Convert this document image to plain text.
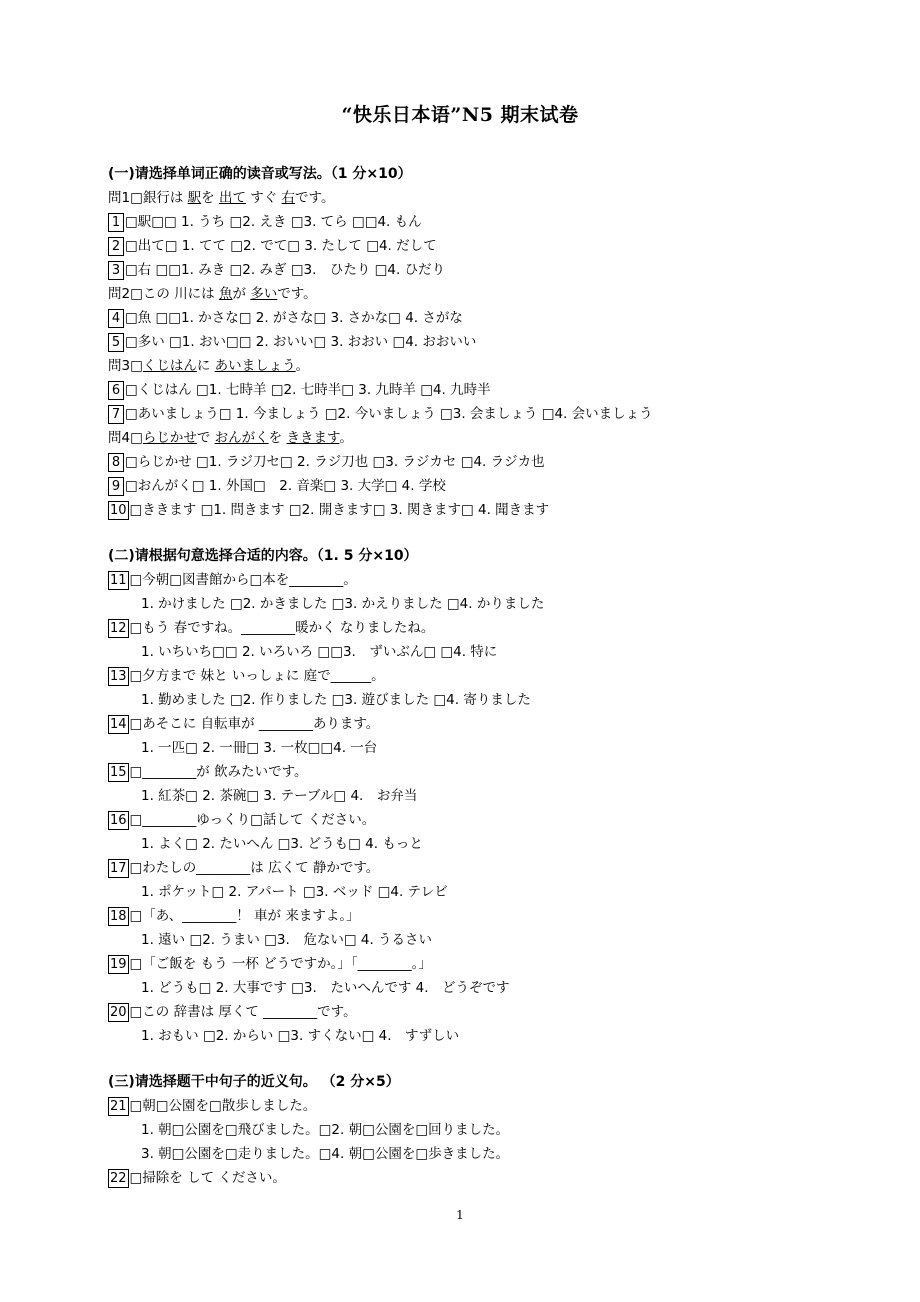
“快乐日本语”N5 期末试卷
(一)请选择单词正确的读音或写法。（1 分×10）
問1□銀行は 駅を 出て すぐ 右です。
1 □駅□□ 1. うち □2. えき □3. てら □□4. もん
2 □出て□ 1. てて □2. でて□ 3. たして □4. だして
3 □右 □□1. みき □2. みぎ □3.　ひたり □4. ひだり
問2□この 川には 魚が 多いです。
4 □魚 □□1. かさな□ 2. がさな□ 3. さかな□ 4. さがな
5 □多い □1. おい□□ 2. おいい□ 3. おおい □4. おおいい
問3□くじはんに あいましょう。
6 □くじはん □1. 七時羊 □2. 七時半□ 3. 九時羊 □4. 九時半
7 □あいましょう□ 1. 今ましょう □2. 今いましょう □3. 会ましょう □4. 会いましょう
問4□らじかせで おんがくを ききます。
8 □らじかせ □1. ラジ刀セ□ 2. ラジ刀也 □3. ラジカセ □4. ラジカ也
9 □おんがく□ 1. 外国□　2. 音楽□ 3. 大学□ 4. 学校
10 □ききます □1. 問きます □2. 開きます□ 3. 関きます□ 4. 聞きます
(二)请根据句意选择合适的内容。（1. 5 分×10）
11 □今朝□図書館から□本を________。
1. かけました □2. かきました □3. かえりました □4. かりました
12 □もう 春ですね。________暖かく なりましたね。
1. いちいち□□ 2. いろいろ □□3.　ずいぶん□ □4. 特に
13 □夕方まで 妹と いっしょに 庭で______。
1. 勤めました □2. 作りました □3. 遊びました □4. 寄りました
14 □あそこに 自転車が ________あります。
1. 一匹□ 2. 一冊□ 3. 一枚□□4. 一台
15 □________が 飲みたいです。
1. 紅茶□ 2. 茶碗□ 3. テーブル□ 4.　お弁当
16 □________ゆっくり□話して ください。
1. よく□ 2. たいへん □3. どうも□ 4. もっと
17 □わたしの________は 広くて 静かです。
1. ポケット□ 2. アパート □3. ベッド □4. テレビ
18 □「あ、________！ 車が 来ますよ。」
1. 遠い □2. うまい □3.　危ない□ 4. うるさい
19 □「ご飯を もう 一杯 どうですか。」「________。」
1. どうも□ 2. 大事です □3.　たいへんです 4.　どうぞです
20 □この 辞書は 厚くて ________です。
1. おもい □2. からい □3. すくない□ 4.　すずしい
(三)请选择题干中句子的近义句。 （2 分×5）
21 □朝□公園を□散歩しました。
1. 朝□公園を□飛びました。□2. 朝□公園を□回りました。
3. 朝□公園を□走りました。□4. 朝□公園を□歩きました。
22 □掃除を して ください。
1
